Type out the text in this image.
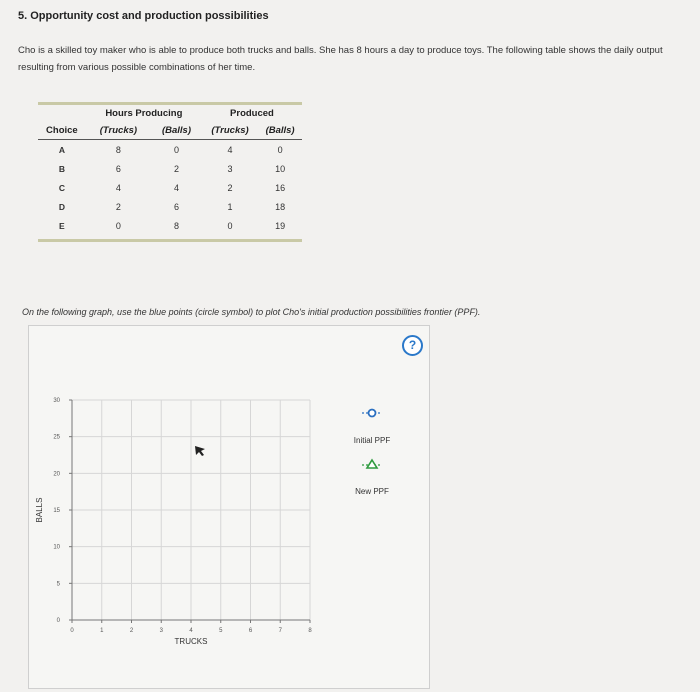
5. Opportunity cost and production possibilities
Cho is a skilled toy maker who is able to produce both trucks and balls. She has 8 hours a day to produce toys. The following table shows the daily output resulting from various possible combinations of her time.
	Hours Producing		Produced	
Choice	(Trucks)	(Balls)	(Trucks)	(Balls)
A	8	0	4	0
B	6	2	3	10
C	4	4	2	16
D	2	6	1	18
E	0	8	0	19
On the following graph, use the blue points (circle symbol) to plot Cho's initial production possibilities frontier (PPF).
?
0	1	2	3	4	5	6	7	8
0
5
10
15
20
25
30
TRUCKS
BALLS
Initial PPF
New PPF
